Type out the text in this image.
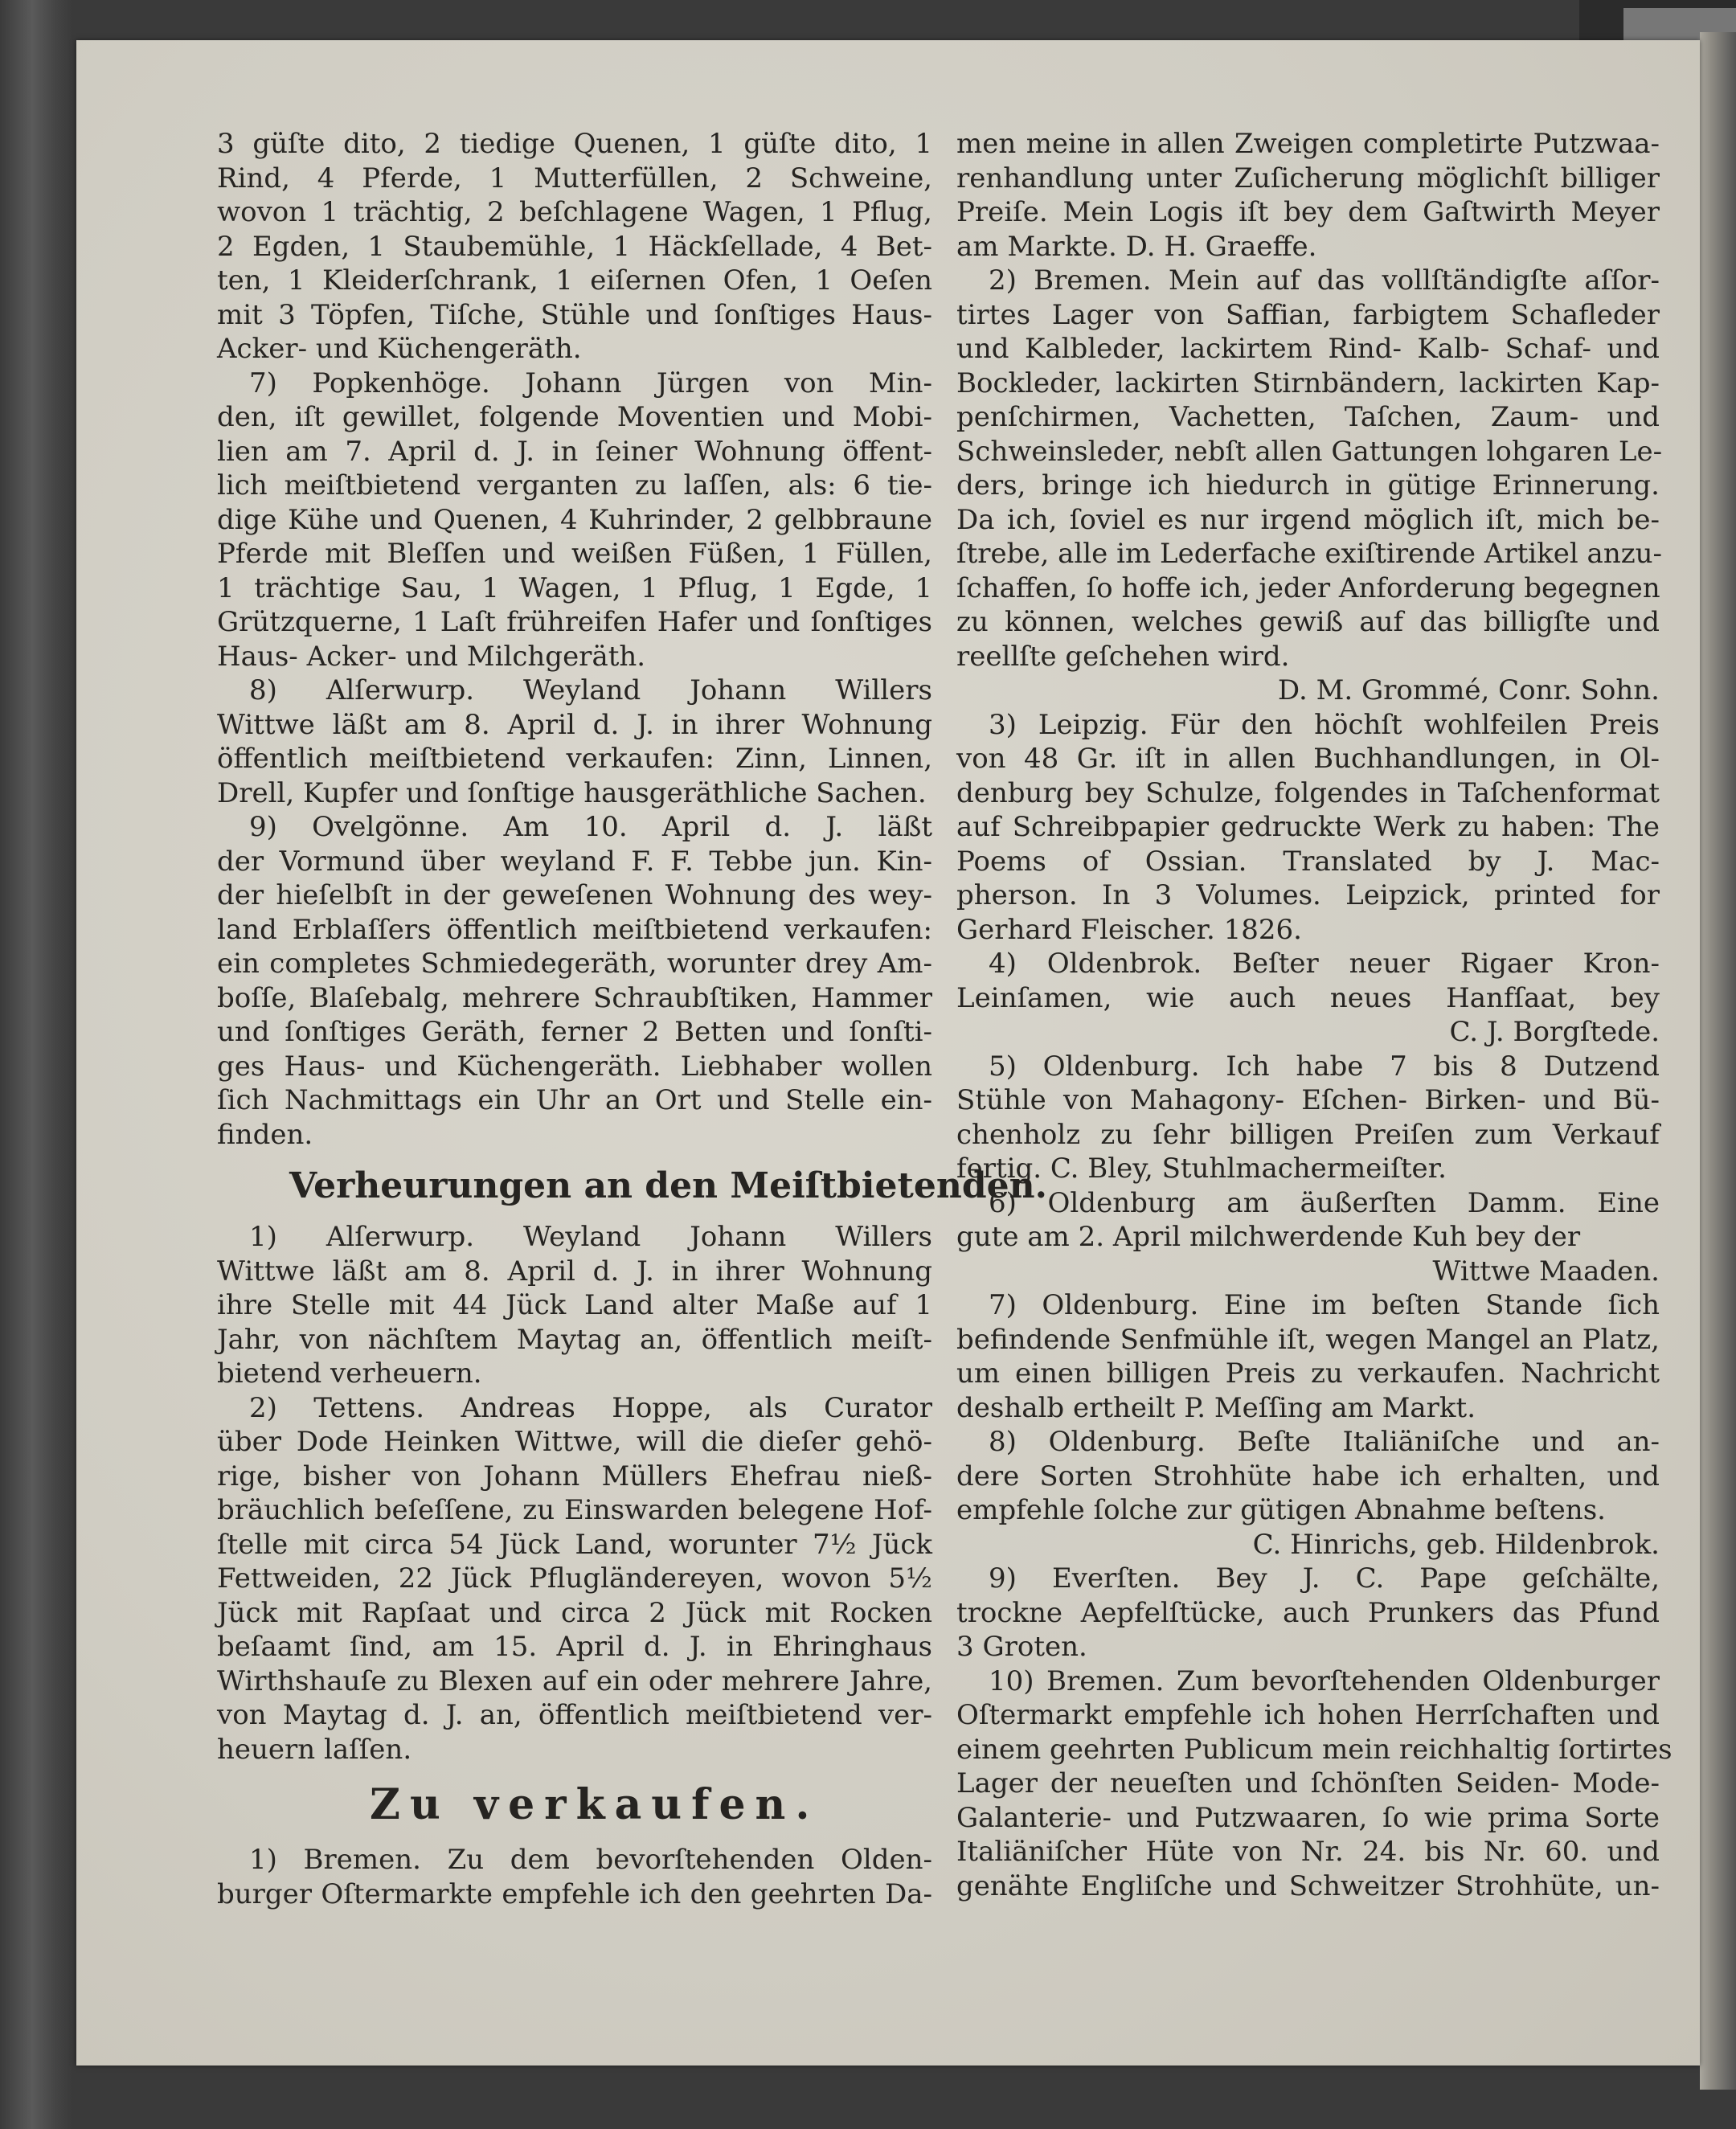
3 güſte dito, 2 tiedige Quenen, 1 güſte dito, 1
Rind, 4 Pferde, 1 Mutterfüllen, 2 Schweine,
wovon 1 trächtig, 2 beſchlagene Wagen, 1 Pflug,
2 Egden, 1 Staubemühle, 1 Häckſellade, 4 Bet-
ten, 1 Kleiderſchrank, 1 eiſernen Ofen, 1 Oeſen
mit 3 Töpfen, Tiſche, Stühle und ſonſtiges Haus-
Acker- und Küchengeräth.
7) Popkenhöge. Johann Jürgen von Min-
den, iſt gewillet, folgende Moventien und Mobi-
lien am 7. April d. J. in ſeiner Wohnung öffent-
lich meiſtbietend verganten zu laſſen, als: 6 tie-
dige Kühe und Quenen, 4 Kuhrinder, 2 gelbbraune
Pferde mit Bleſſen und weißen Füßen, 1 Füllen,
1 trächtige Sau, 1 Wagen, 1 Pflug, 1 Egde, 1
Grützquerne, 1 Laſt frühreifen Hafer und ſonſtiges
Haus- Acker- und Milchgeräth.
8) Alſerwurp. Weyland Johann Willers
Wittwe läßt am 8. April d. J. in ihrer Wohnung
öffentlich meiſtbietend verkaufen: Zinn, Linnen,
Drell, Kupfer und ſonſtige hausgeräthliche Sachen.
9) Ovelgönne. Am 10. April d. J. läßt
der Vormund über weyland F. F. Tebbe jun. Kin-
der hieſelbſt in der geweſenen Wohnung des wey-
land Erblaſſers öffentlich meiſtbietend verkaufen:
ein completes Schmiedegeräth, worunter drey Am-
boſſe, Blaſebalg, mehrere Schraubſtiken, Hammer
und ſonſtiges Geräth, ferner 2 Betten und ſonſti-
ges Haus- und Küchengeräth. Liebhaber wollen
ſich Nachmittags ein Uhr an Ort und Stelle ein-
finden.
Verheurungen an den Meiſtbietenden.
1) Alſerwurp. Weyland Johann Willers
Wittwe läßt am 8. April d. J. in ihrer Wohnung
ihre Stelle mit 44 Jück Land alter Maße auf 1
Jahr, von nächſtem Maytag an, öffentlich meiſt-
bietend verheuern.
2) Tettens. Andreas Hoppe, als Curator
über Dode Heinken Wittwe, will die dieſer gehö-
rige, bisher von Johann Müllers Ehefrau nieß-
bräuchlich beſeſſene, zu Einswarden belegene Hof-
ſtelle mit circa 54 Jück Land, worunter 7½ Jück
Fettweiden, 22 Jück Pflugländereyen, wovon 5½
Jück mit Rapſaat und circa 2 Jück mit Rocken
beſaamt ſind, am 15. April d. J. in Ehringhaus
Wirthshauſe zu Blexen auf ein oder mehrere Jahre,
von Maytag d. J. an, öffentlich meiſtbietend ver-
heuern laſſen.
Zu verkaufen.
1) Bremen. Zu dem bevorſtehenden Olden-
burger Oſtermarkte empfehle ich den geehrten Da-
men meine in allen Zweigen completirte Putzwaa-
renhandlung unter Zuſicherung möglichſt billiger
Preiſe. Mein Logis iſt bey dem Gaſtwirth Meyer
am Markte. D. H. Graeffe.
2) Bremen. Mein auf das vollſtändigſte aſſor-
tirtes Lager von Saffian, farbigtem Schafleder
und Kalbleder, lackirtem Rind- Kalb- Schaf- und
Bockleder, lackirten Stirnbändern, lackirten Kap-
penſchirmen, Vachetten, Taſchen, Zaum- und
Schweinsleder, nebſt allen Gattungen lohgaren Le-
ders, bringe ich hiedurch in gütige Erinnerung.
Da ich, ſoviel es nur irgend möglich iſt, mich be-
ſtrebe, alle im Lederfache exiſtirende Artikel anzu-
ſchaffen, ſo hoffe ich, jeder Anforderung begegnen
zu können, welches gewiß auf das billigſte und
reellſte geſchehen wird.
D. M. Grommé, Conr. Sohn.
3) Leipzig. Für den höchſt wohlfeilen Preis
von 48 Gr. iſt in allen Buchhandlungen, in Ol-
denburg bey Schulze, folgendes in Taſchenformat
auf Schreibpapier gedruckte Werk zu haben: The
Poems of Ossian. Translated by J. Mac-
pherson. In 3 Volumes. Leipzick, printed for
Gerhard Fleischer. 1826.
4) Oldenbrok. Beſter neuer Rigaer Kron-
Leinſamen, wie auch neues Hanfſaat, bey
C. J. Borgſtede.
5) Oldenburg. Ich habe 7 bis 8 Dutzend
Stühle von Mahagony- Eſchen- Birken- und Bü-
chenholz zu ſehr billigen Preiſen zum Verkauf
fertig. C. Bley, Stuhlmachermeiſter.
6) Oldenburg am äußerſten Damm. Eine
gute am 2. April milchwerdende Kuh bey der
Wittwe Maaden.
7) Oldenburg. Eine im beſten Stande ſich
befindende Senfmühle iſt, wegen Mangel an Platz,
um einen billigen Preis zu verkaufen. Nachricht
deshalb ertheilt P. Meſſing am Markt.
8) Oldenburg. Beſte Italiäniſche und an-
dere Sorten Strohhüte habe ich erhalten, und
empfehle ſolche zur gütigen Abnahme beſtens.
C. Hinrichs, geb. Hildenbrok.
9) Everſten. Bey J. C. Pape geſchälte,
trockne Aepfelſtücke, auch Prunkers das Pfund
3 Groten.
10) Bremen. Zum bevorſtehenden Oldenburger
Oſtermarkt empfehle ich hohen Herrſchaften und
einem geehrten Publicum mein reichhaltig ſortirtes
Lager der neueſten und ſchönſten Seiden- Mode-
Galanterie- und Putzwaaren, ſo wie prima Sorte
Italiäniſcher Hüte von Nr. 24. bis Nr. 60. und
genähte Engliſche und Schweitzer Strohhüte, un-
